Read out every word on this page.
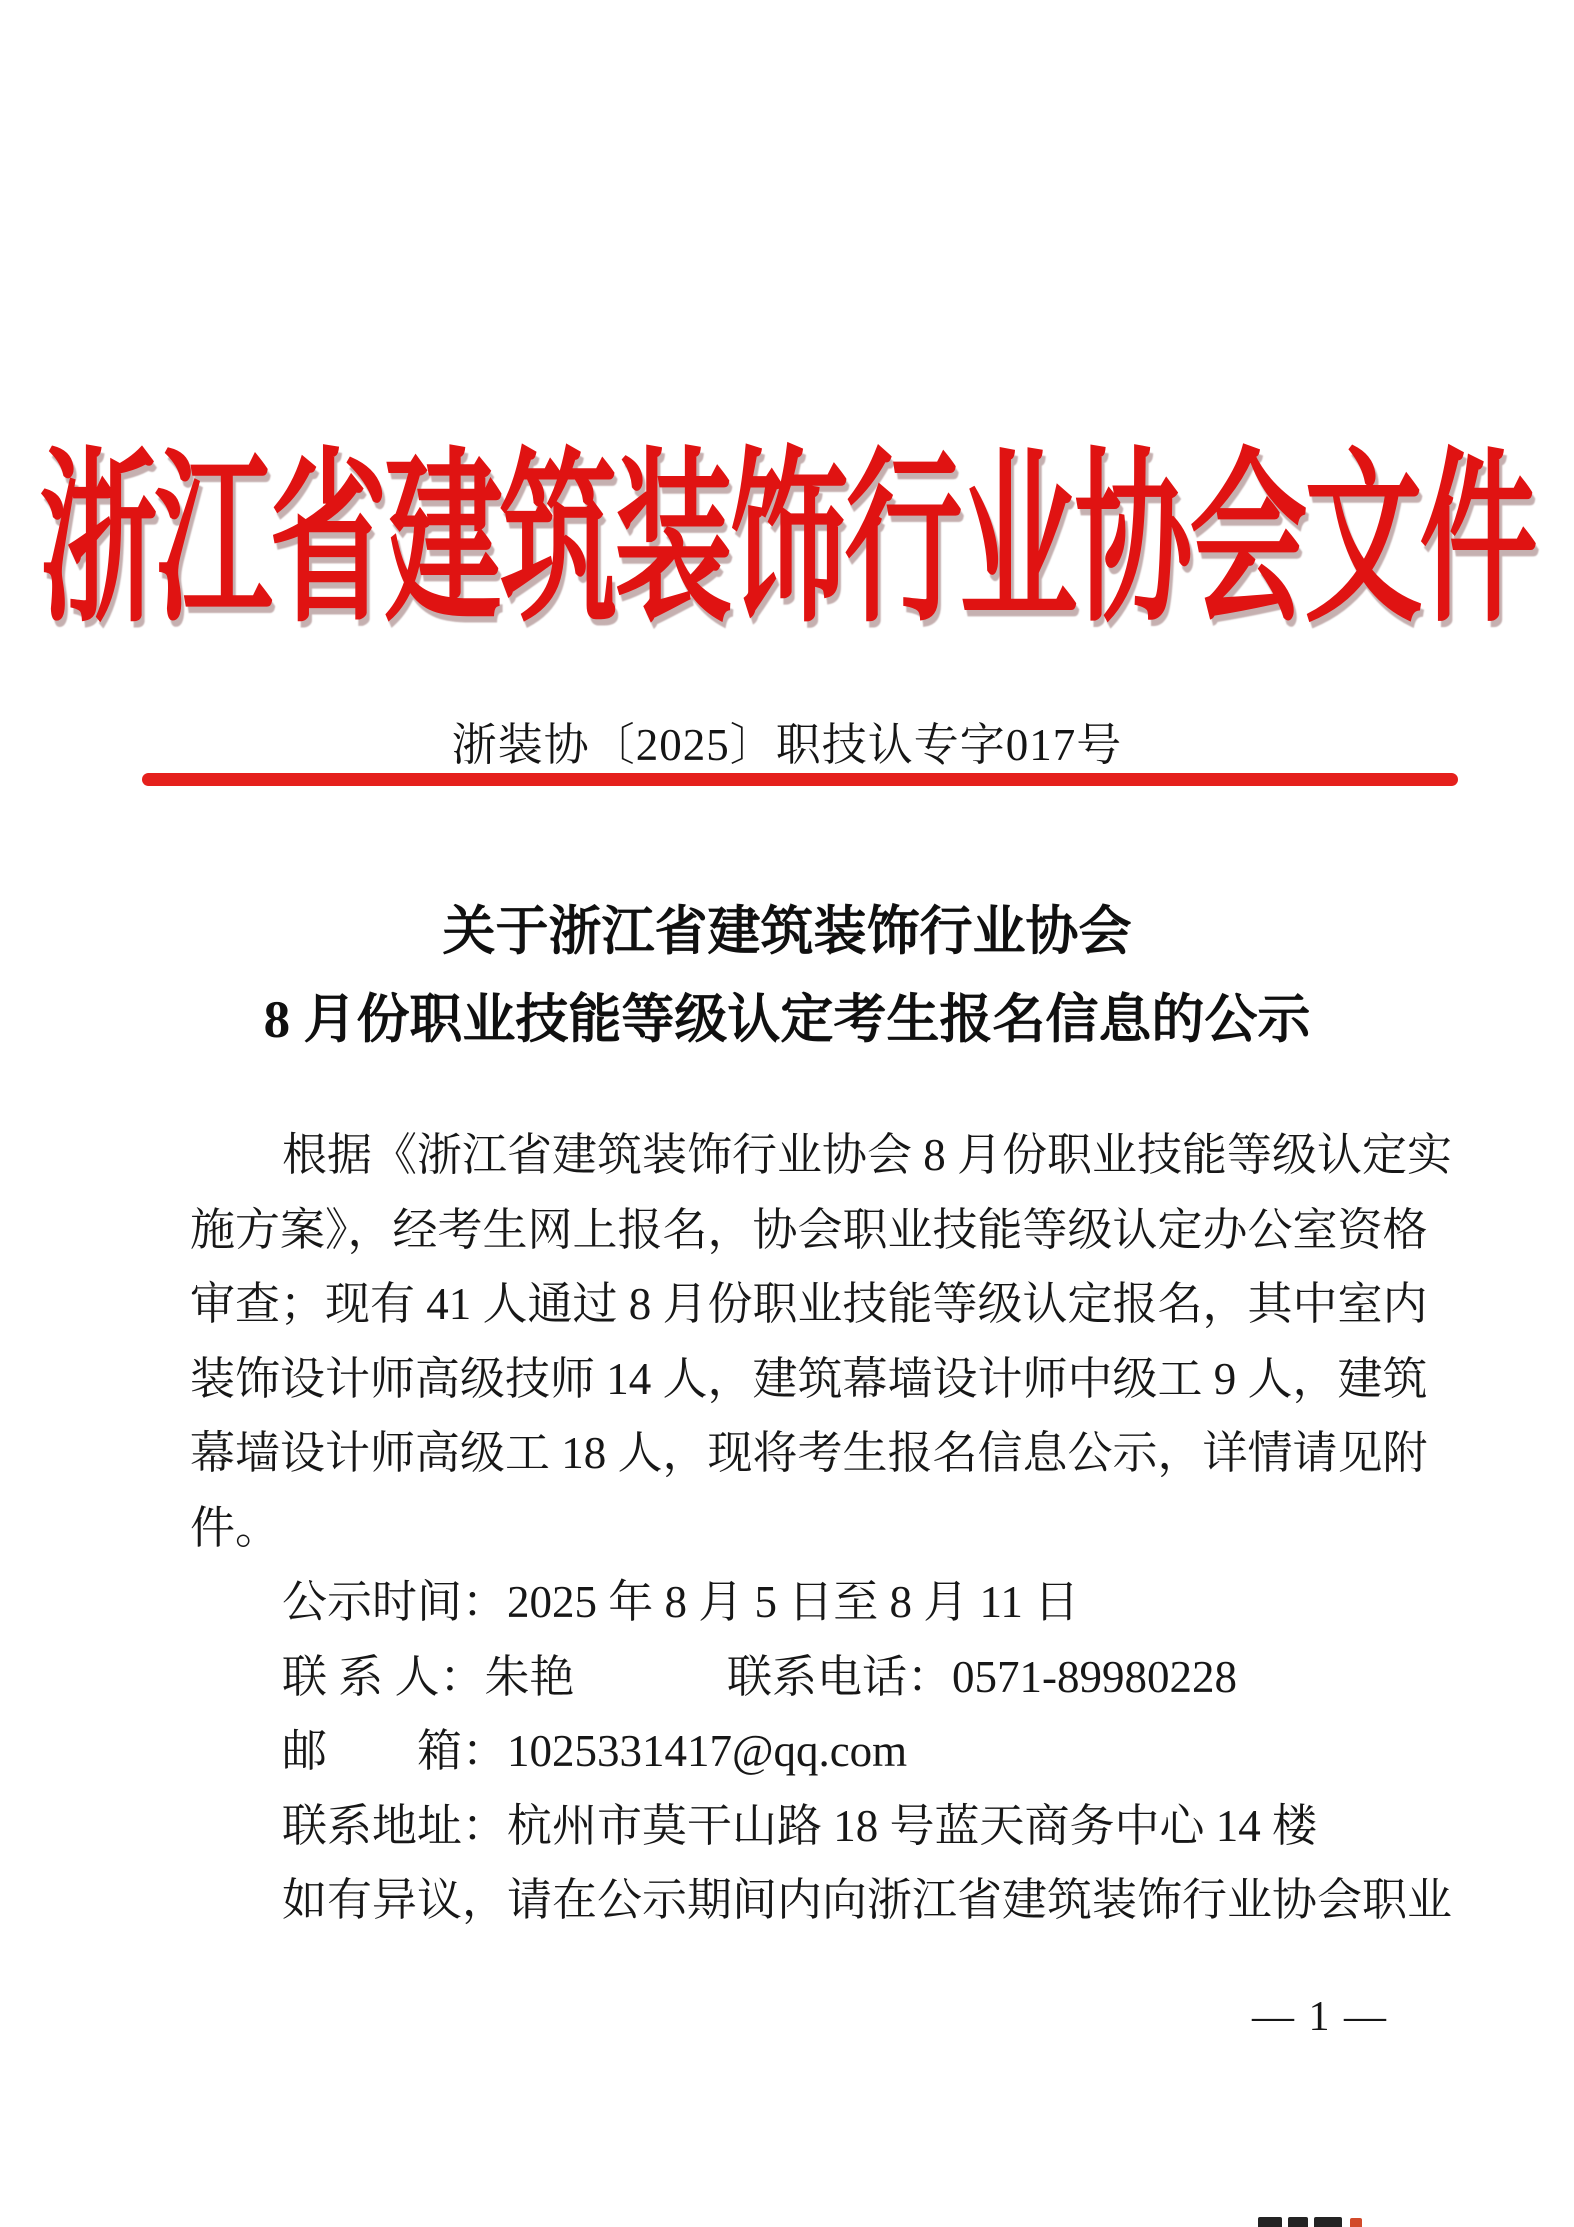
浙江省建筑装饰行业协会文件
浙装协〔2025〕职技认专字017号
关于浙江省建筑装饰行业协会
8 月份职业技能等级认定考生报名信息的公示
根据《浙江省建筑装饰行业协会 8 月份职业技能等级认定实
施方案》，经考生网上报名，协会职业技能等级认定办公室资格
审查；现有 41 人通过 8 月份职业技能等级认定报名，其中室内
装饰设计师高级技师 14 人，建筑幕墙设计师中级工 9 人，建筑
幕墙设计师高级工 18 人，现将考生报名信息公示，详情请见附
件。
公示时间：2025 年 8 月 5 日至 8 月 11 日
联 系 人：朱艳	联系电话：0571-89980228
邮　　箱：1025331417@qq.com
联系地址：杭州市莫干山路 18 号蓝天商务中心 14 楼
如有异议，请在公示期间内向浙江省建筑装饰行业协会职业
— 1 —
